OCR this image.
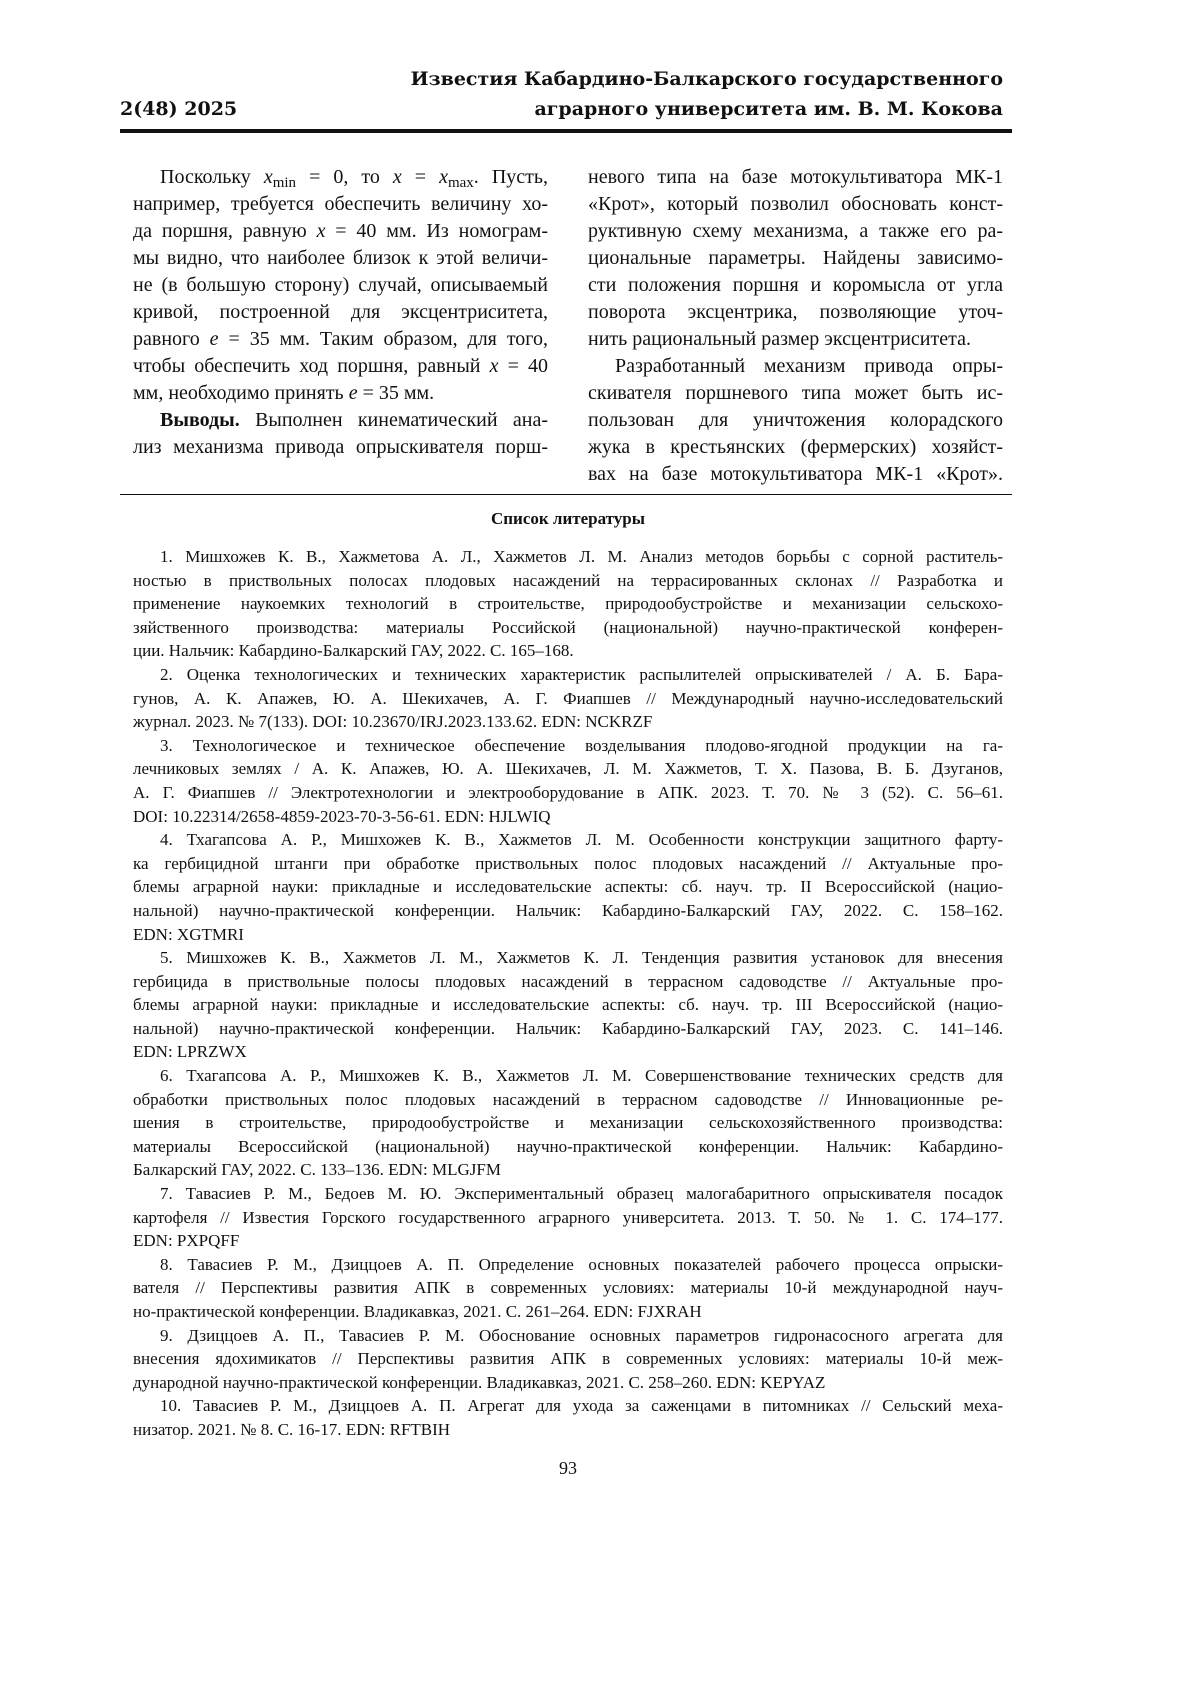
Известия Кабардино-Балкарского государственного
аграрного университета им. В. М. Кокова
2(48) 2025
Поскольку xmin = 0, то x = xmax. Пусть,
например, требуется обеспечить величину хо-
да поршня, равную x = 40 мм. Из номограм-
мы видно, что наиболее близок к этой величи-
не (в большую сторону) случай, описываемый
кривой, построенной для эксцентриситета,
равного e = 35 мм. Таким образом, для того,
чтобы обеспечить ход поршня, равный x = 40
мм, необходимо принять e = 35 мм.
Выводы. Выполнен кинематический ана-
лиз механизма привода опрыскивателя порш-
невого типа на базе мотокультиватора МК-1
«Крот», который позволил обосновать конст-
руктивную схему механизма, а также его ра-
циональные параметры. Найдены зависимо-
сти положения поршня и коромысла от угла
поворота эксцентрика, позволяющие уточ-
нить рациональный размер эксцентриситета.
Разработанный механизм привода опры-
скивателя поршневого типа может быть ис-
пользован для уничтожения колорадского
жука в крестьянских (фермерских) хозяйст-
вах на базе мотокультиватора МК-1 «Крот».
Список литературы
1. Мишхожев К. В., Хажметова А. Л., Хажметов Л. М. Анализ методов борьбы с сорной раститель-
ностью в приствольных полосах плодовых насаждений на террасированных склонах // Разработка и
применение наукоемких технологий в строительстве, природообустройстве и механизации сельскохо-
зяйственного производства: материалы Российской (национальной) научно-практической конферен-
ции. Нальчик: Кабардино-Балкарский ГАУ, 2022. С. 165–168.
2. Оценка технологических и технических характеристик распылителей опрыскивателей / А. Б. Бара-
гунов, А. К. Апажев, Ю. А. Шекихачев, А. Г. Фиапшев // Международный научно-исследовательский
журнал. 2023. № 7(133). DOI: 10.23670/IRJ.2023.133.62. EDN: NCKRZF
3. Технологическое и техническое обеспечение возделывания плодово-ягодной продукции на га-
лечниковых землях / А. К. Апажев, Ю. А. Шекихачев, Л. М. Хажметов, Т. Х. Пазова, В. Б. Дзуганов,
А. Г. Фиапшев // Электротехнологии и электрооборудование в АПК. 2023. Т. 70. № 3 (52). С. 56–61.
DOI: 10.22314/2658-4859-2023-70-3-56-61. EDN: HJLWIQ
4. Тхагапсова А. Р., Мишхожев К. В., Хажметов Л. М. Особенности конструкции защитного фарту-
ка гербицидной штанги при обработке приствольных полос плодовых насаждений // Актуальные про-
блемы аграрной науки: прикладные и исследовательские аспекты: сб. науч. тр. II Всероссийской (нацио-
нальной) научно-практической конференции. Нальчик: Кабардино-Балкарский ГАУ, 2022. С. 158–162.
EDN: XGTMRI
5. Мишхожев К. В., Хажметов Л. М., Хажметов К. Л. Тенденция развития установок для внесения
гербицида в приствольные полосы плодовых насаждений в террасном садоводстве // Актуальные про-
блемы аграрной науки: прикладные и исследовательские аспекты: сб. науч. тр. III Всероссийской (нацио-
нальной) научно-практической конференции. Нальчик: Кабардино-Балкарский ГАУ, 2023. С. 141–146.
EDN: LPRZWX
6. Тхагапсова А. Р., Мишхожев К. В., Хажметов Л. М. Совершенствование технических средств для
обработки приствольных полос плодовых насаждений в террасном садоводстве // Инновационные ре-
шения в строительстве, природообустройстве и механизации сельскохозяйственного производства:
материалы Всероссийской (национальной) научно-практической конференции. Нальчик: Кабардино-
Балкарский ГАУ, 2022. С. 133–136. EDN: MLGJFM
7. Тавасиев Р. М., Бедоев М. Ю. Экспериментальный образец малогабаритного опрыскивателя посадок
картофеля // Известия Горского государственного аграрного университета. 2013. Т. 50. № 1. С. 174–177.
EDN: PXPQFF
8. Тавасиев Р. М., Дзиццоев А. П. Определение основных показателей рабочего процесса опрыски-
вателя // Перспективы развития АПК в современных условиях: материалы 10-й международной науч-
но-практической конференции. Владикавказ, 2021. С. 261–264. EDN: FJXRAH
9. Дзиццоев А. П., Тавасиев Р. М. Обоснование основных параметров гидронасосного агрегата для
внесения ядохимикатов // Перспективы развития АПК в современных условиях: материалы 10-й меж-
дународной научно-практической конференции. Владикавказ, 2021. С. 258–260. EDN: KEPYAZ
10. Тавасиев Р. М., Дзиццоев А. П. Агрегат для ухода за саженцами в питомниках // Сельский меха-
низатор. 2021. № 8. С. 16-17. EDN: RFTBIH
93
